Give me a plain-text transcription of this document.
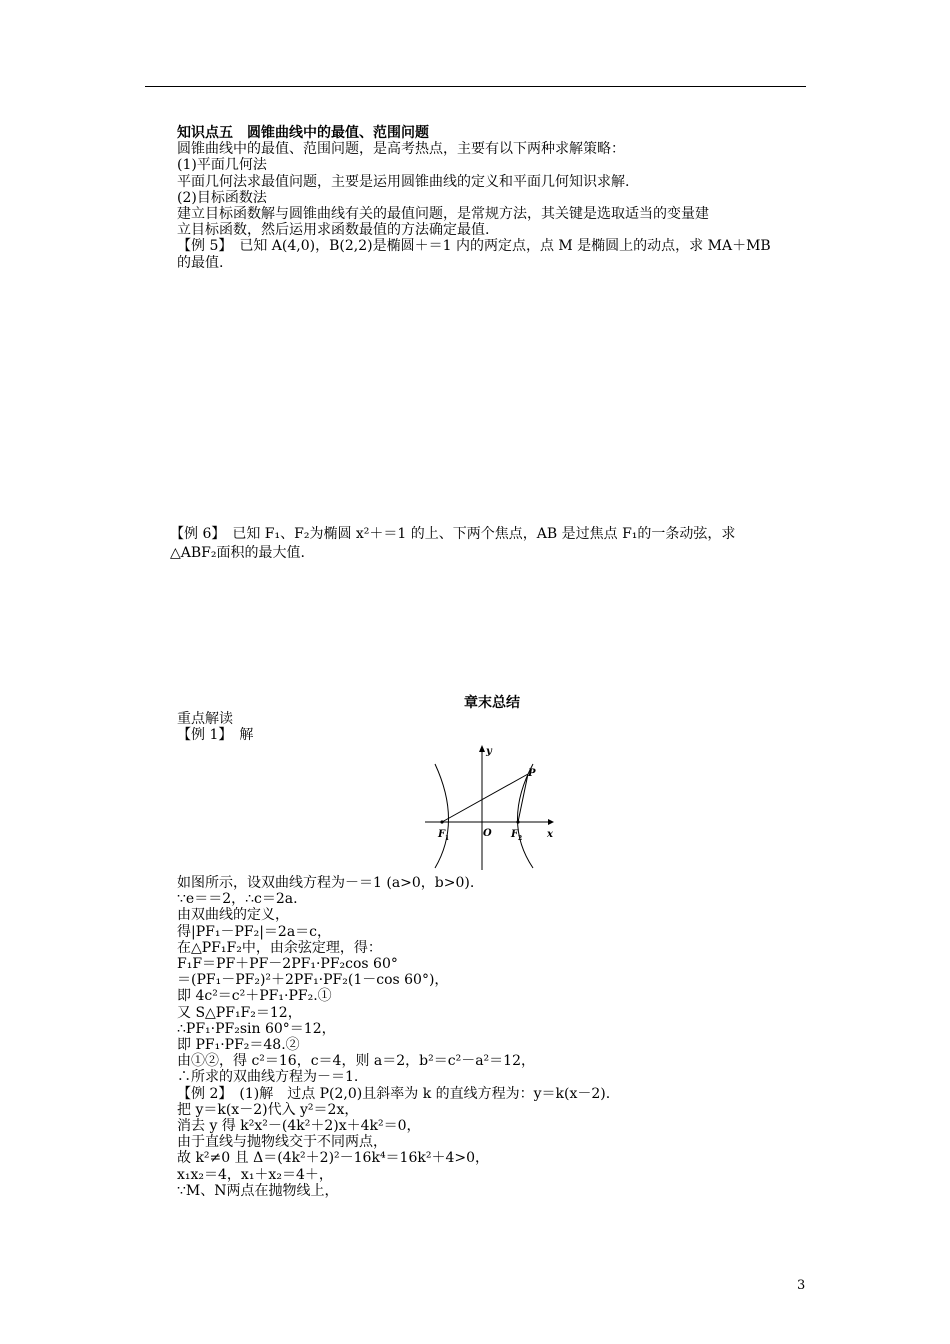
知识点五　圆锥曲线中的最值、范围问题
圆锥曲线中的最值、范围问题，是高考热点，主要有以下两种求解策略：
(1)平面几何法
平面几何法求最值问题，主要是运用圆锥曲线的定义和平面几何知识求解.
(2)目标函数法
建立目标函数解与圆锥曲线有关的最值问题，是常规方法，其关键是选取适当的变量建
立目标函数，然后运用求函数最值的方法确定最值.
【例 5】　已知 A(4,0)，B(2,2)是椭圆＋＝1 内的两定点，点 M 是椭圆上的动点，求 MA＋MB
的最值.
【例 6】　已知 F₁、F₂为椭圆 x²＋＝1 的上、下两个焦点，AB 是过焦点 F₁的一条动弦，求
△ABF₂面积的最大值.
章末总结
重点解读
【例 1】　解
y
x
P
O
F 1	F 2
如图所示，设双曲线方程为－＝1 (a>0，b>0).
∵e＝＝2，∴c＝2a.
由双曲线的定义，
得|PF₁－PF₂|＝2a＝c，
在△PF₁F₂中，由余弦定理，得：
F₁F＝PF＋PF－2PF₁·PF₂cos 60°
＝(PF₁－PF₂)²＋2PF₁·PF₂(1－cos 60°)，
即 4c²＝c²＋PF₁·PF₂.①
又 S△PF₁F₂＝12，
∴PF₁·PF₂sin 60°＝12，
即 PF₁·PF₂＝48.②
由①②，得 c²＝16，c＝4，则 a＝2，b²＝c²－a²＝12，
∴所求的双曲线方程为－＝1.
【例 2】　(1)解　过点 P(2,0)且斜率为 k 的直线方程为：y＝k(x－2).
把 y＝k(x－2)代入 y²＝2x，
消去 y 得 k²x²－(4k²＋2)x＋4k²＝0，
由于直线与抛物线交于不同两点，
故 k²≠0 且 Δ＝(4k²＋2)²－16k⁴＝16k²＋4>0，
x₁x₂＝4，x₁＋x₂＝4＋，
∵M、N两点在抛物线上，
3
